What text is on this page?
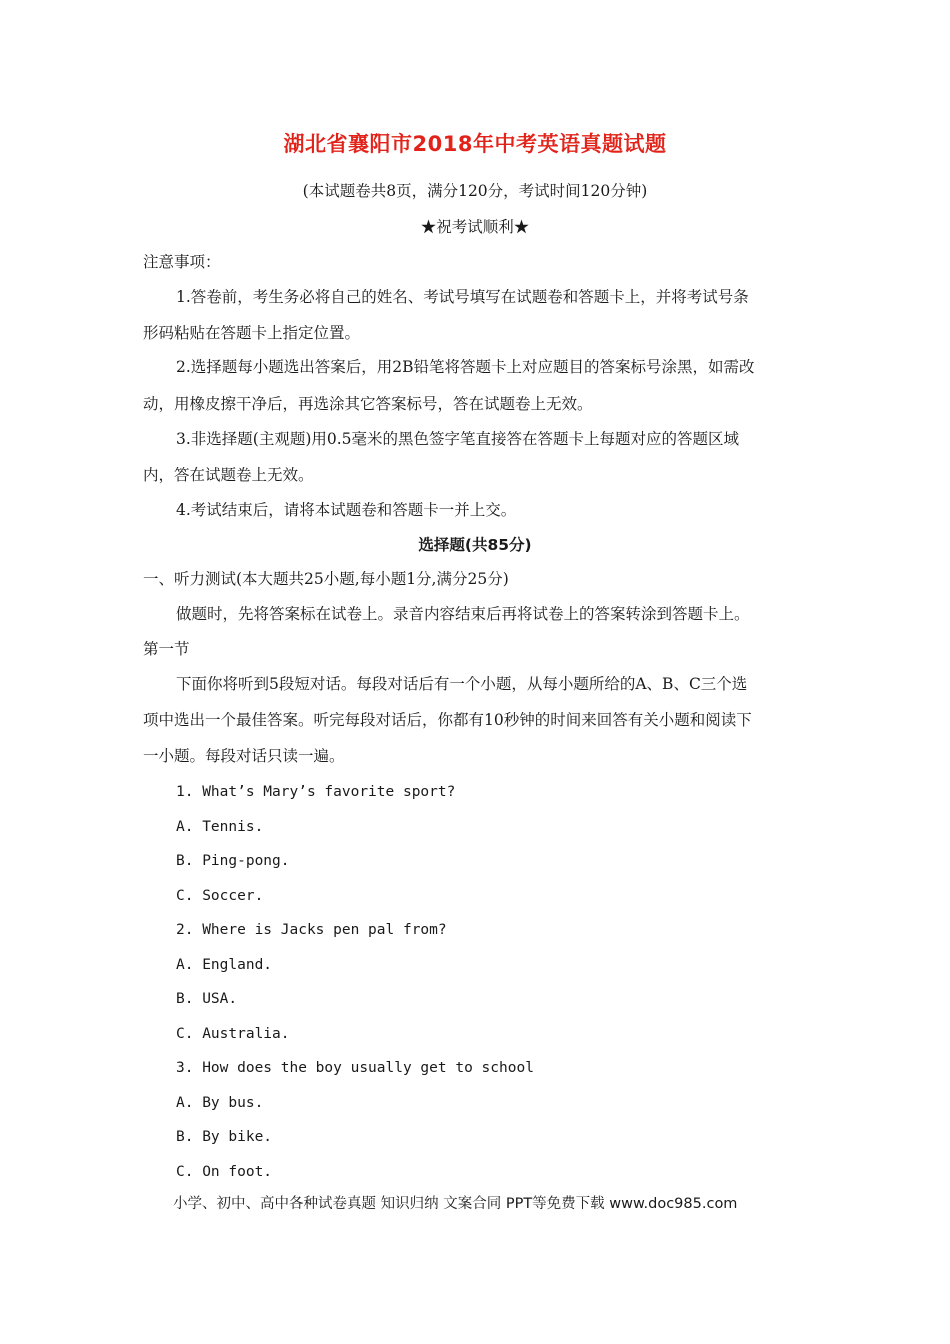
湖北省襄阳市2018年中考英语真题试题
(本试题卷共8页，满分120分，考试时间120分钟)
★祝考试顺利★
注意事项：
1.答卷前，考生务必将自己的姓名、考试号填写在试题卷和答题卡上，并将考试号条
形码粘贴在答题卡上指定位置。
2.选择题每小题选出答案后，用2B铅笔将答题卡上对应题目的答案标号涂黑，如需改
动，用橡皮擦干净后，再选涂其它答案标号，答在试题卷上无效。
3.非选择题(主观题)用0.5毫米的黑色签字笔直接答在答题卡上每题对应的答题区域
内，答在试题卷上无效。
4.考试结束后，请将本试题卷和答题卡一并上交。
选择题(共85分)
一、听力测试(本大题共25小题,每小题1分,满分25分)
做题时，先将答案标在试卷上。录音内容结束后再将试卷上的答案转涂到答题卡上。
第一节
下面你将听到5段短对话。每段对话后有一个小题，从每小题所给的A、B、C三个选
项中选出一个最佳答案。听完每段对话后，你都有10秒钟的时间来回答有关小题和阅读下
一小题。每段对话只读一遍。
1. What’s Mary’s favorite sport?
A. Tennis.
B. Ping-pong.
C. Soccer.
2. Where is Jacks pen pal from?
A. England.
B. USA.
C. Australia.
3. How does the boy usually get to school
A. By bus.
B. By bike.
C. On foot.
小学、初中、高中各种试卷真题 知识归纳 文案合同 PPT等免费下载 www.doc985.com
